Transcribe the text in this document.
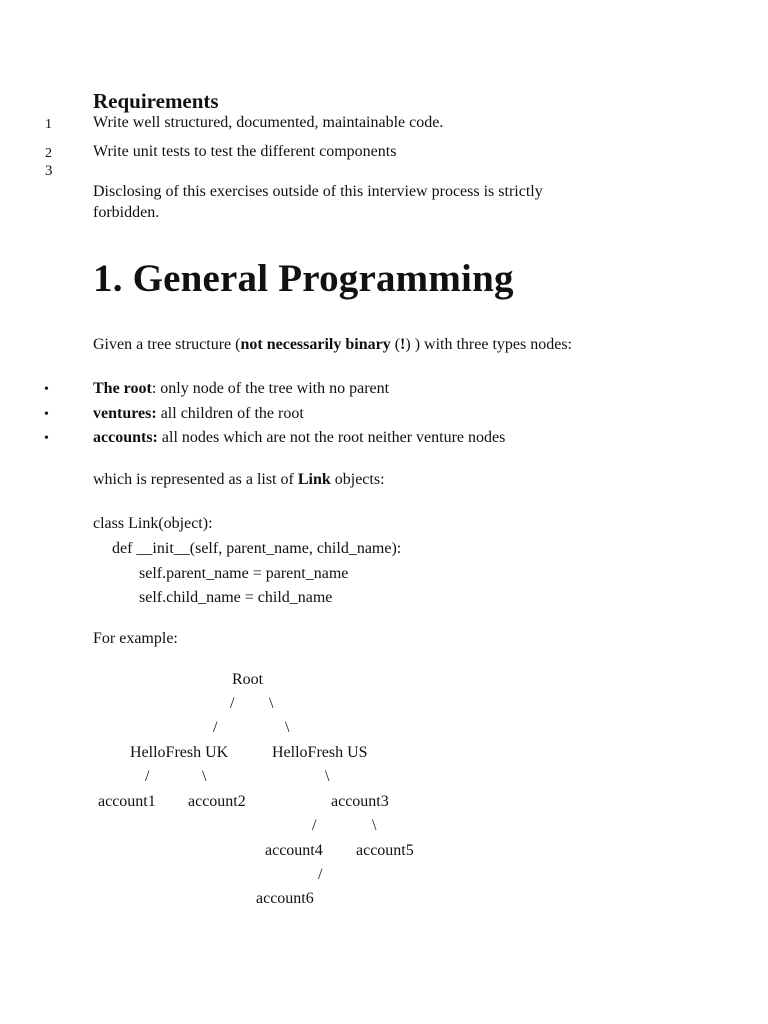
Requirements
1	Write well structured, documented, maintainable code.
2	Write unit tests to test the different components
3
Disclosing of this exercises outside of this interview process is strictly
forbidden.
1. General Programming
Given a tree structure (not necessarily binary (!) ) with three types nodes:
•	The root: only node of the tree with no parent
•	ventures: all children of the root
•	accounts: all nodes which are not the root neither venture nodes
which is represented as a list of Link objects:
class Link(object):
def __init__(self, parent_name, child_name):
self.parent_name = parent_name
self.child_name = child_name
For example:
Root
/ \
/	\
HelloFresh UK	HelloFresh US
/	\	\
account1 account2	account3
/	\
account4 account5
/
account6
